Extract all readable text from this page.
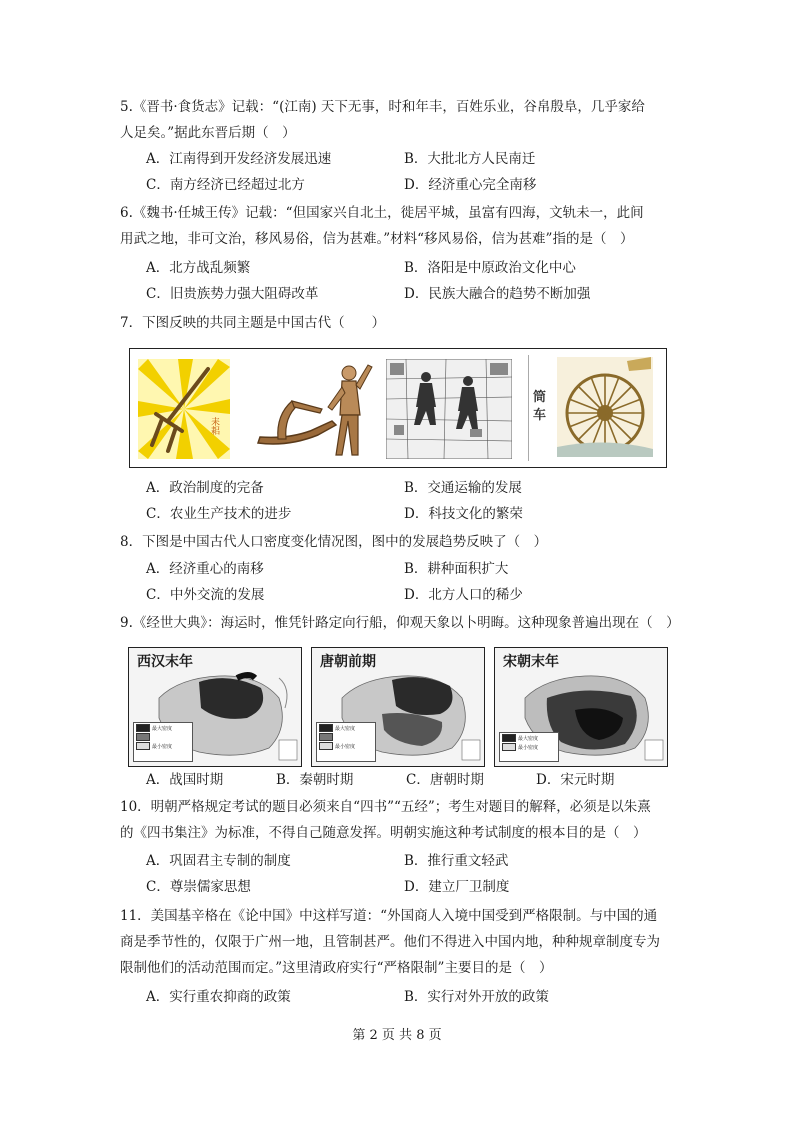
5.《晋书·食货志》记载：“(江南) 天下无事，时和年丰，百姓乐业，谷帛殷阜，几乎家给

人足矣。”据此东晋后期（　）

A．江南得到开发经济发展迅速	B．大批北方人民南迁
C．南方经济已经超过北方	D．经济重心完全南移

6.《魏书·任城王传》记载：“但国家兴自北土，徙居平城，虽富有四海，文轨未一，此间

用武之地，非可文治，移风易俗，信为甚难。”材料“移风易俗，信为甚难”指的是（　）

A．北方战乱频繁	B．洛阳是中原政治文化中心
C．旧贵族势力强大阻碍改革	D．民族大融合的趋势不断加强

7．下图反映的共同主题是中国古代（　　）

耒耜
筒
车
A．政治制度的完备	B．交通运输的发展
C．农业生产技术的进步	D．科技文化的繁荣

8．下图是中国古代人口密度变化情况图，图中的发展趋势反映了（　）

A．经济重心的南移	B．耕种面积扩大
C．中外交流的发展	D．北方人口的稀少

9.《经世大典》：海运时，惟凭针路定向行船，仰观天象以卜明晦。这种现象普遍出现在（　）

西汉末年
最大密度
最小密度
唐朝前期
最大密度
最小密度
宋朝末年
最大密度
最小密度
A．战国时期	B．秦朝时期	C．唐朝时期	D．宋元时期

10．明朝严格规定考试的题目必须来自“四书”“五经”；考生对题目的解释，必须是以朱熹

的《四书集注》为标准，不得自己随意发挥。明朝实施这种考试制度的根本目的是（　）

A．巩固君主专制的制度	B．推行重文轻武
C．尊崇儒家思想	D．建立厂卫制度

11．美国基辛格在《论中国》中这样写道：“外国商人入境中国受到严格限制。与中国的通

商是季节性的，仅限于广州一地，且管制甚严。他们不得进入中国内地，种种规章制度专为

限制他们的活动范围而定。”这里清政府实行“严格限制”主要目的是（　）

A．实行重农抑商的政策	B．实行对外开放的政策
第 2 页 共 8 页
